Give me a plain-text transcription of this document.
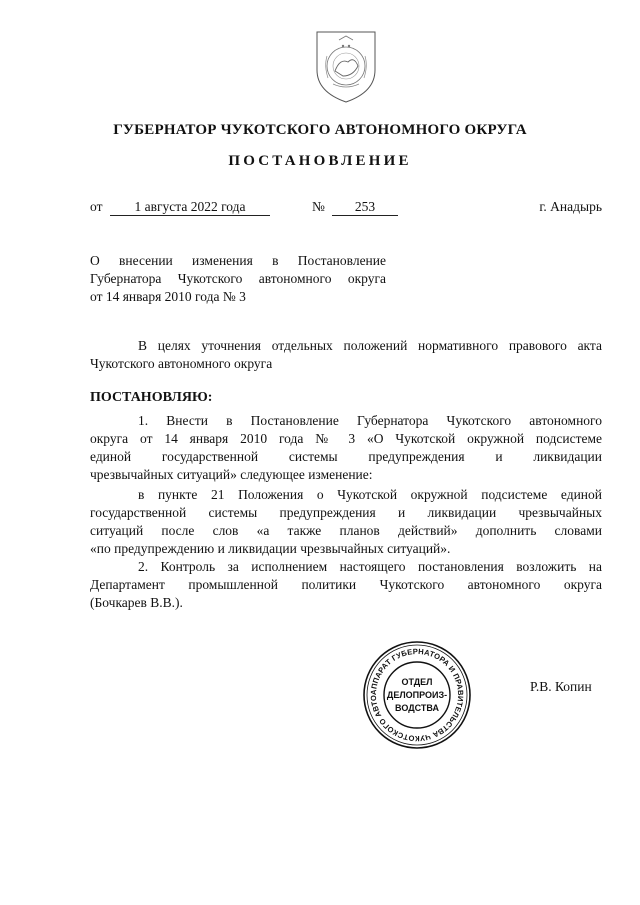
ГУБЕРНАТОР ЧУКОТСКОГО АВТОНОМНОГО ОКРУГА
ПОСТАНОВЛЕНИЕ
от	1 августа 2022 года	№	253	г. Анадырь
О внесении изменения в Постановление
Губернатора Чукотского автономного округа
от 14 января 2010 года № 3
В целях уточнения отдельных положений нормативного правового акта
Чукотского автономного округа
ПОСТАНОВЛЯЮ:
1. Внести в Постановление Губернатора Чукотского автономного
округа от 14 января 2010 года № 3 «О Чукотской окружной подсистеме
единой государственной системы предупреждения и ликвидации
чрезвычайных ситуаций» следующее изменение:
в пункте 21 Положения о Чукотской окружной подсистеме единой
государственной системы предупреждения и ликвидации чрезвычайных
ситуаций после слов «а также планов действий» дополнить словами
«по предупреждению и ликвидации чрезвычайных ситуаций».
2. Контроль за исполнением настоящего постановления возложить на
Департамент промышленной политики Чукотского автономного округа
(Бочкарев В.В.).
АППАРАТ ГУБЕРНАТОРА И ПРАВИТЕЛЬСТВА ЧУКОТСКОГО АВТО
ОТДЕЛ
ДЕЛОПРОИЗ-
ВОДСТВА
Р.В. Копин
